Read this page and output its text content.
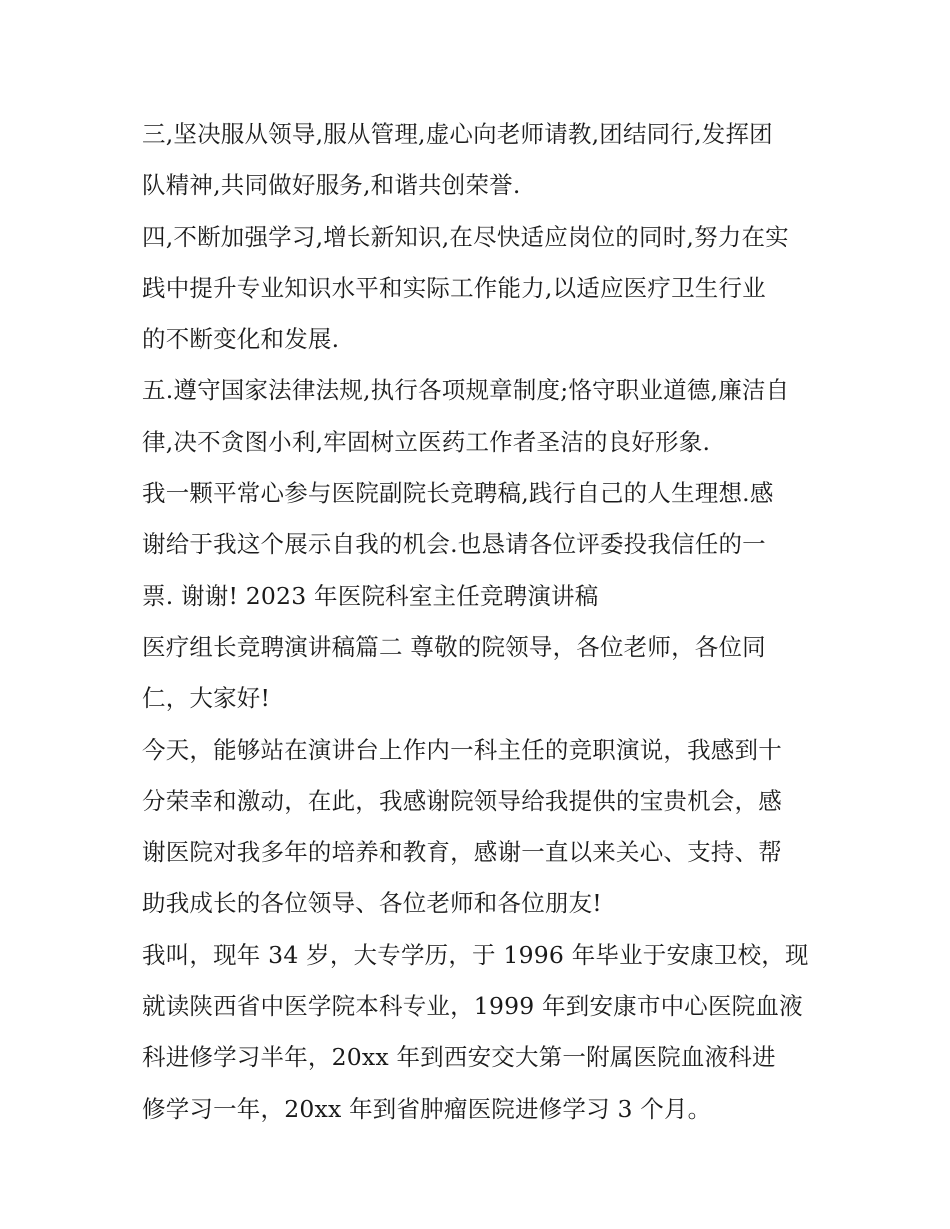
三,坚决服从领导,服从管理,虚心向老师请教,团结同行,发挥团
队精神,共同做好服务,和谐共创荣誉.
四,不断加强学习,增长新知识,在尽快适应岗位的同时,努力在实
践中提升专业知识水平和实际工作能力,以适应医疗卫生行业
的不断变化和发展.
五.遵守国家法律法规,执行各项规章制度;恪守职业道德,廉洁自
律,决不贪图小利,牢固树立医药工作者圣洁的良好形象.
我一颗平常心参与医院副院长竞聘稿,践行自己的人生理想.感
谢给于我这个展示自我的机会.也恳请各位评委投我信任的一
票. 谢谢! 2023 年医院科室主任竞聘演讲稿
医疗组长竞聘演讲稿篇二 尊敬的院领导，各位老师，各位同
仁，大家好!
今天，能够站在演讲台上作内一科主任的竞职演说，我感到十
分荣幸和激动，在此，我感谢院领导给我提供的宝贵机会，感
谢医院对我多年的培养和教育，感谢一直以来关心、支持、帮
助我成长的各位领导、各位老师和各位朋友!
我叫，现年 34 岁，大专学历，于 1996 年毕业于安康卫校，现
就读陕西省中医学院本科专业，1999 年到安康市中心医院血液
科进修学习半年，20xx 年到西安交大第一附属医院血液科进
修学习一年，20xx 年到省肿瘤医院进修学习 3 个月。
